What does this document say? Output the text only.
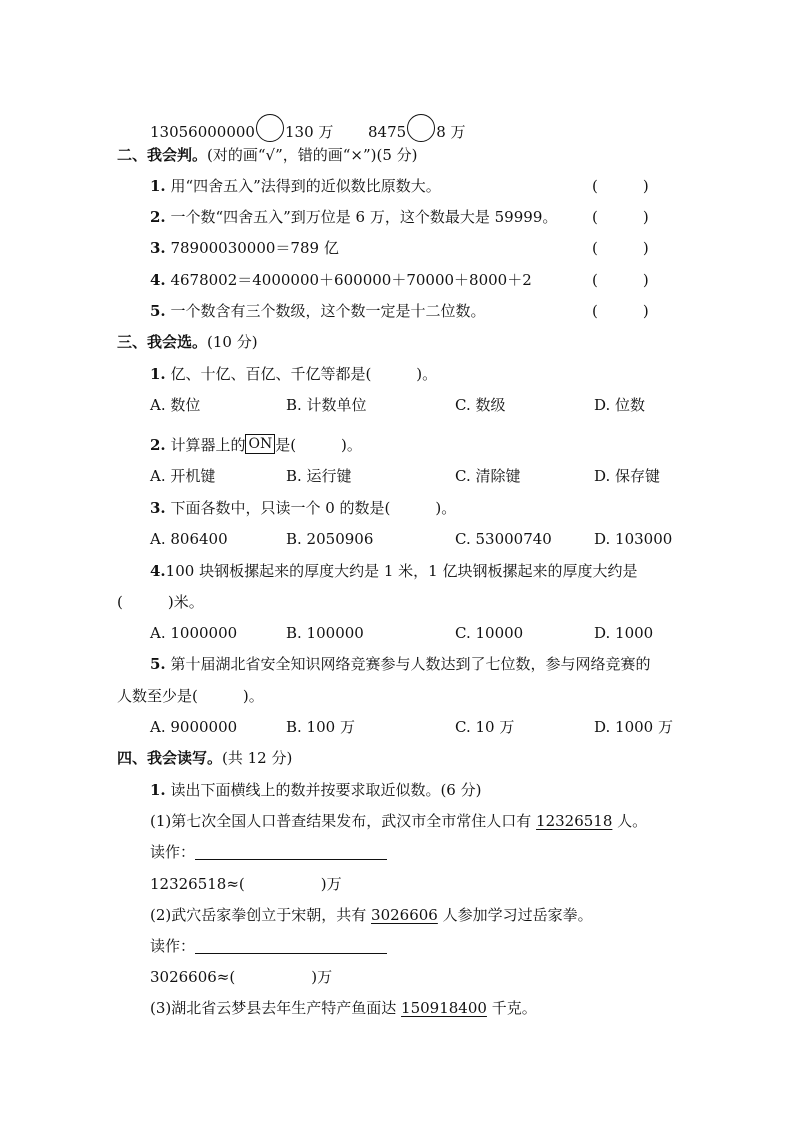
13056000000 130 万 8475 8 万
二、我会判。(对的画“√”，错的画“×”)(5 分)
1. 用“四舍五入”法得到的近似数比原数大。	(　　　)
2. 一个数“四舍五入”到万位是 6 万，这个数最大是 59999。 (　　　)
3. 78900030000＝789 亿	(　　　)
4. 4678002＝4000000＋600000＋70000＋8000＋2	(　　　)
5. 一个数含有三个数级，这个数一定是十二位数。	(　　　)
三、我会选。(10 分)
1. 亿、十亿、百亿、千亿等都是(　　　)。
A. 数位	B. 计数单位	C. 数级	D. 位数
2. 计算器上的 ON 是(　　　)。
A. 开机键	B. 运行键	C. 清除键	D. 保存键
3. 下面各数中，只读一个 0 的数是(　　　)。
A. 806400	B. 2050906	C. 53000740	D. 103000
4.100 块钢板摞起来的厚度大约是 1 米，1 亿块钢板摞起来的厚度大约是
(　　　)米。
A. 1000000	B. 100000	C. 10000	D. 1000
5. 第十届湖北省安全知识网络竞赛参与人数达到了七位数，参与网络竞赛的
人数至少是(　　　)。
A. 9000000	B. 100 万	C. 10 万	D. 1000 万
四、我会读写。(共 12 分)
1. 读出下面横线上的数并按要求取近似数。(6 分)
(1)第七次全国人口普查结果发布，武汉市全市常住人口有 12326518 人。
读作：
12326518≈(	)万
(2)武穴岳家拳创立于宋朝，共有 3026606 人参加学习过岳家拳。
读作：
3026606≈(	)万
(3)湖北省云梦县去年生产特产鱼面达 150918400 千克。
